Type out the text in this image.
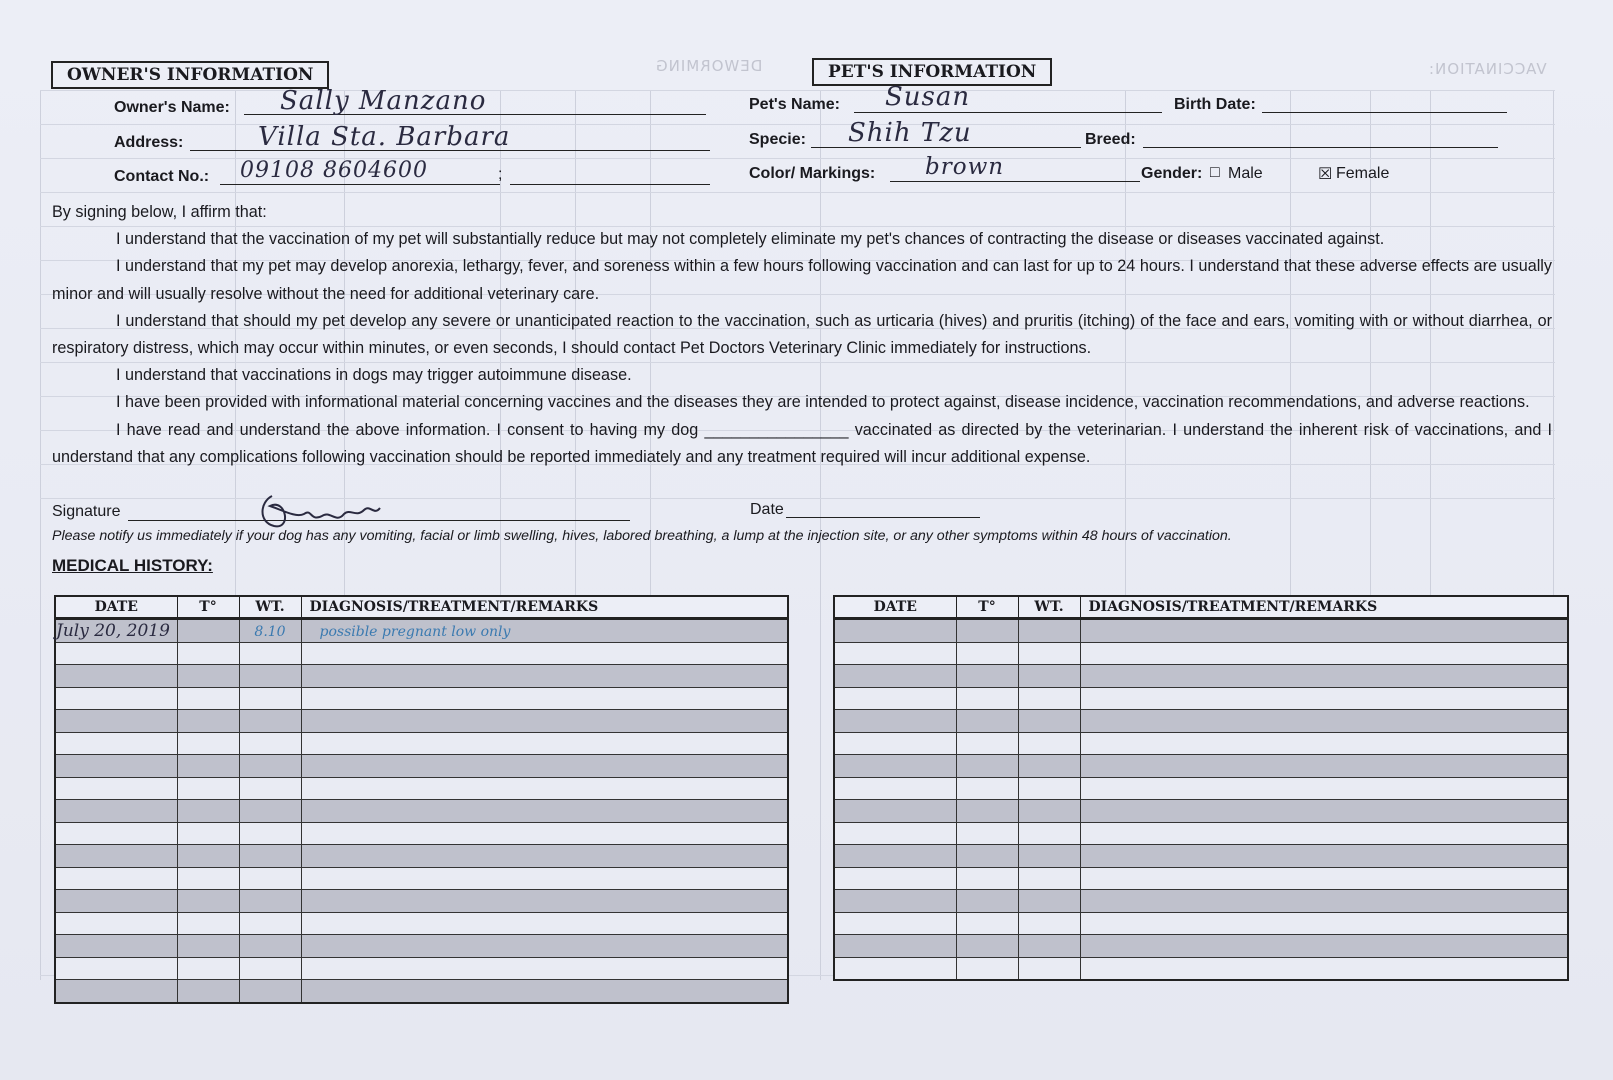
DEWORMING	VACCINATION:
OWNER'S INFORMATION
Owner's Name: Sally Manzano
Address:	Villa Sta. Barbara
Contact No.: 09108 8604600	;
PET'S INFORMATION
Pet's Name: Susan	Birth Date:
Specie: Shih Tzu	Breed:
Color/ Markings: brown	Gender: □ Male	☒ Female

By signing below, I affirm that:

I understand that the vaccination of my pet will substantially reduce but may not completely eliminate my pet's chances of contracting the disease or diseases vaccinated against.

I understand that my pet may develop anorexia, lethargy, fever, and soreness within a few hours following vaccination and can last for up to 24 hours. I understand that these adverse effects are usually minor and will usually resolve without the need for additional veterinary care.

I understand that should my pet develop any severe or unanticipated reaction to the vaccination, such as urticaria (hives) and pruritis (itching) of the face and ears, vomiting with or without diarrhea, or respiratory distress, which may occur within minutes, or even seconds, I should contact Pet Doctors Veterinary Clinic immediately for instructions.

I understand that vaccinations in dogs may trigger autoimmune disease.

I have been provided with informational material concerning vaccines and the diseases they are intended to protect against, disease incidence, vaccination recommendations, and adverse reactions.

I have read and understand the above information. I consent to having my dog ________________ vaccinated as directed by the veterinarian. I understand the inherent risk of vaccinations, and I understand that any complications following vaccination should be reported immediately and any treatment required will incur additional expense.

Signature	Date
Please notify us immediately if your dog has any vomiting, facial or limb swelling, hives, labored breathing, a lump at the injection site, or any other symptoms within 48 hours of vaccination.
MEDICAL HISTORY:
DATE	T°	WT.	DIAGNOSIS/TREATMENT/REMARKS
July 20, 2019		8.10	possible pregnant low only

DATE	T°	WT.	DIAGNOSIS/TREATMENT/REMARKS
